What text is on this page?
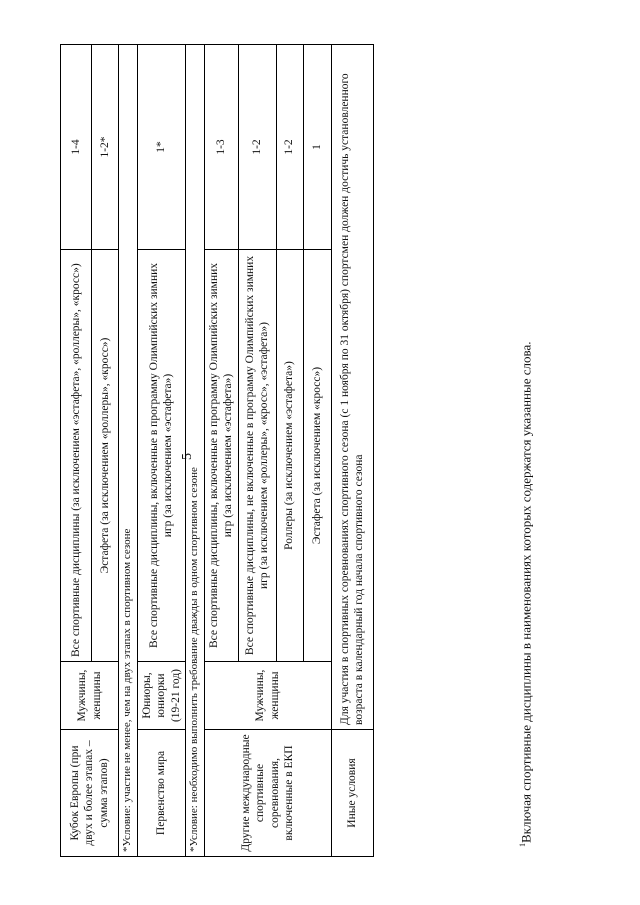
5
Кубок Европы (при двух и более этапах – сумма этапов)	Мужчины, женщины	Все спортивные дисциплины (за исключением «эстафета», «роллеры», «кросс»)	1-4
		Эстафета (за исключением «роллеры», «кросс»)	1-2*
*Условие: участие не менее, чем на двух этапах в спортивном сезоне			
Первенство мира	Юниоры, юниорки (19-21 год)	Все спортивные дисциплины, включенные в программу Олимпийских зимних игр (за исключением «эстафета»)	1*
*Условие: необходимо выполнить требование дважды в одном спортивном сезоне			
Другие международные спортивные соревнования, включенные в ЕКП	Мужчины, женщины	Все спортивные дисциплины, включенные в программу Олимпийских зимних игр (за исключением «эстафета»)	1-3
		Все спортивные дисциплины, не включенные в программу Олимпийских зимних игр (за исключением «роллеры», «кросс», «эстафета»)	1-2
		Роллеры (за исключением «эстафета»)	1-2
		Эстафета (за исключением «кросс»)	1
Иные условия	Для участия в спортивных соревнованиях спортивного сезона (с 1 ноября по 31 октября) спортсмен должен достичь установленного возраста в календарный год начала спортивного сезона		
$^1$Включая спортивные дисциплины в наименованиях которых содержатся указанные слова.
